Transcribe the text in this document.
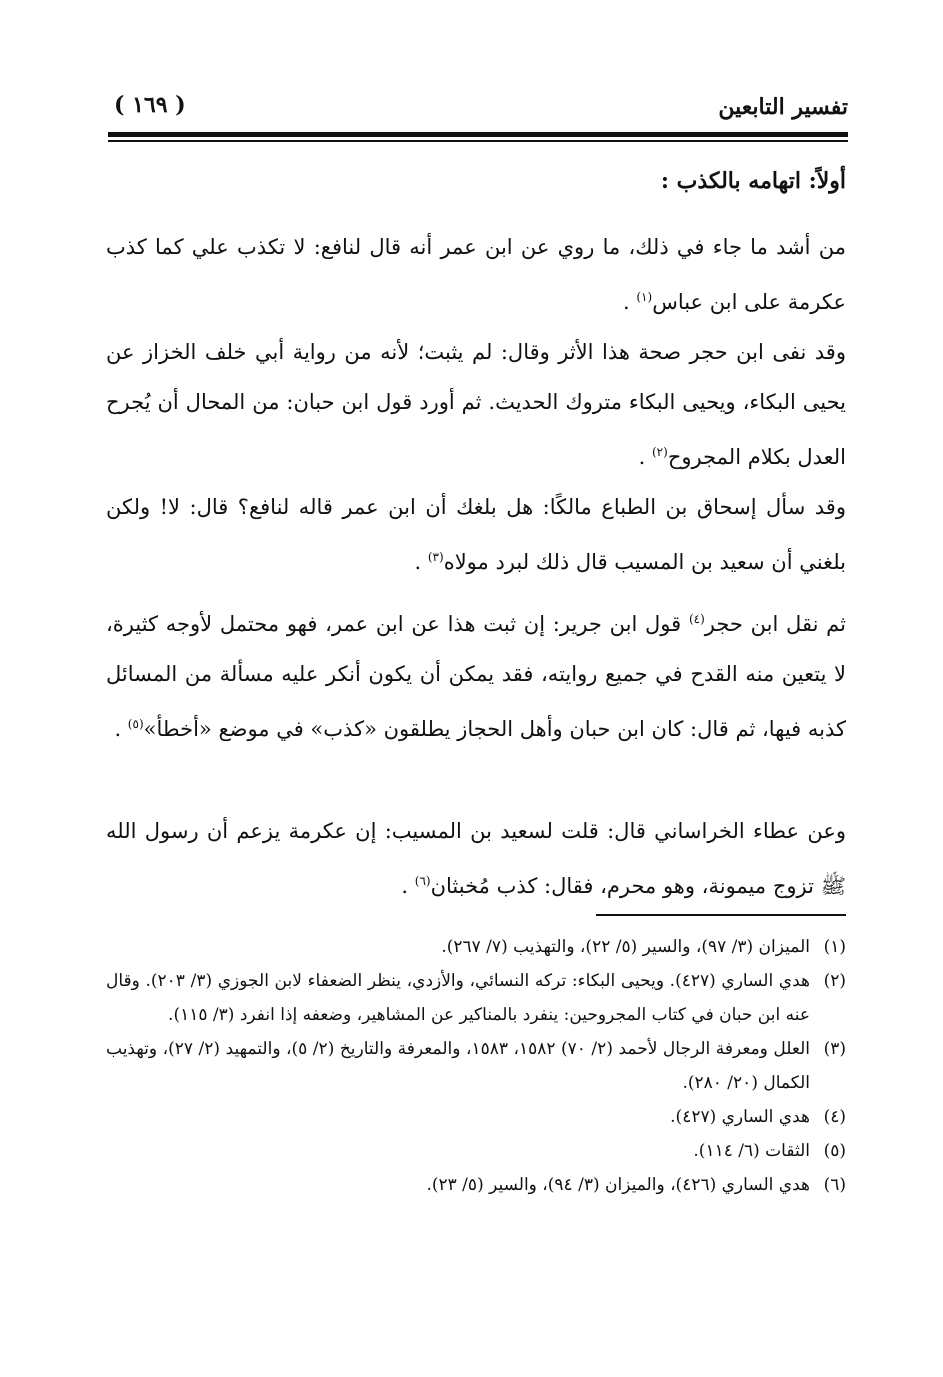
تفسير التابعين
( ١٦٩ )
أولاً: اتهامه بالكذب :
من أشد ما جاء في ذلك، ما روي عن ابن عمر أنه قال لنافع: لا تكذب علي كما كذب عكرمة على ابن عباس$^{(١)}$ .
وقد نفى ابن حجر صحة هذا الأثر وقال: لم يثبت؛ لأنه من رواية أبي خلف الخزاز عن يحيى البكاء، ويحيى البكاء متروك الحديث. ثم أورد قول ابن حبان: من المحال أن يُجرح العدل بكلام المجروح$^{(٢)}$ .
وقد سأل إسحاق بن الطباع مالكًا: هل بلغك أن ابن عمر قاله لنافع؟ قال: لا! ولكن بلغني أن سعيد بن المسيب قال ذلك لبرد مولاه$^{(٣)}$ .
ثم نقل ابن حجر$^{(٤)}$ قول ابن جرير: إن ثبت هذا عن ابن عمر، فهو محتمل لأوجه كثيرة، لا يتعين منه القدح في جميع روايته، فقد يمكن أن يكون أنكر عليه مسألة من المسائل كذبه فيها، ثم قال: كان ابن حبان وأهل الحجاز يطلقون «كذب» في موضع «أخطأ»$^{(٥)}$ .
وعن عطاء الخراساني قال: قلت لسعيد بن المسيب: إن عكرمة يزعم أن رسول الله ﷺ تزوج ميمونة، وهو محرم، فقال: كذب مُخبثان$^{(٦)}$ .
(١)
الميزان (٣/ ٩٧)، والسير (٥/ ٢٢)، والتهذيب (٧/ ٢٦٧).
(٢)
هدي الساري (٤٢٧). ويحيى البكاء: تركه النسائي، والأزدي، ينظر الضعفاء لابن الجوزي (٣/ ٢٠٣). وقال عنه ابن حبان في كتاب المجروحين: ينفرد بالمناكير عن المشاهير، وضعفه إذا انفرد (٣/ ١١٥).
(٣)
العلل ومعرفة الرجال لأحمد (٢/ ٧٠) ١٥٨٢، ١٥٨٣، والمعرفة والتاريخ (٢/ ٥)، والتمهيد (٢/ ٢٧)، وتهذيب الكمال (٢٠/ ٢٨٠).
(٤)
هدي الساري (٤٢٧).
(٥)
الثقات (٦/ ١١٤).
(٦)
هدي الساري (٤٢٦)، والميزان (٣/ ٩٤)، والسير (٥/ ٢٣).
